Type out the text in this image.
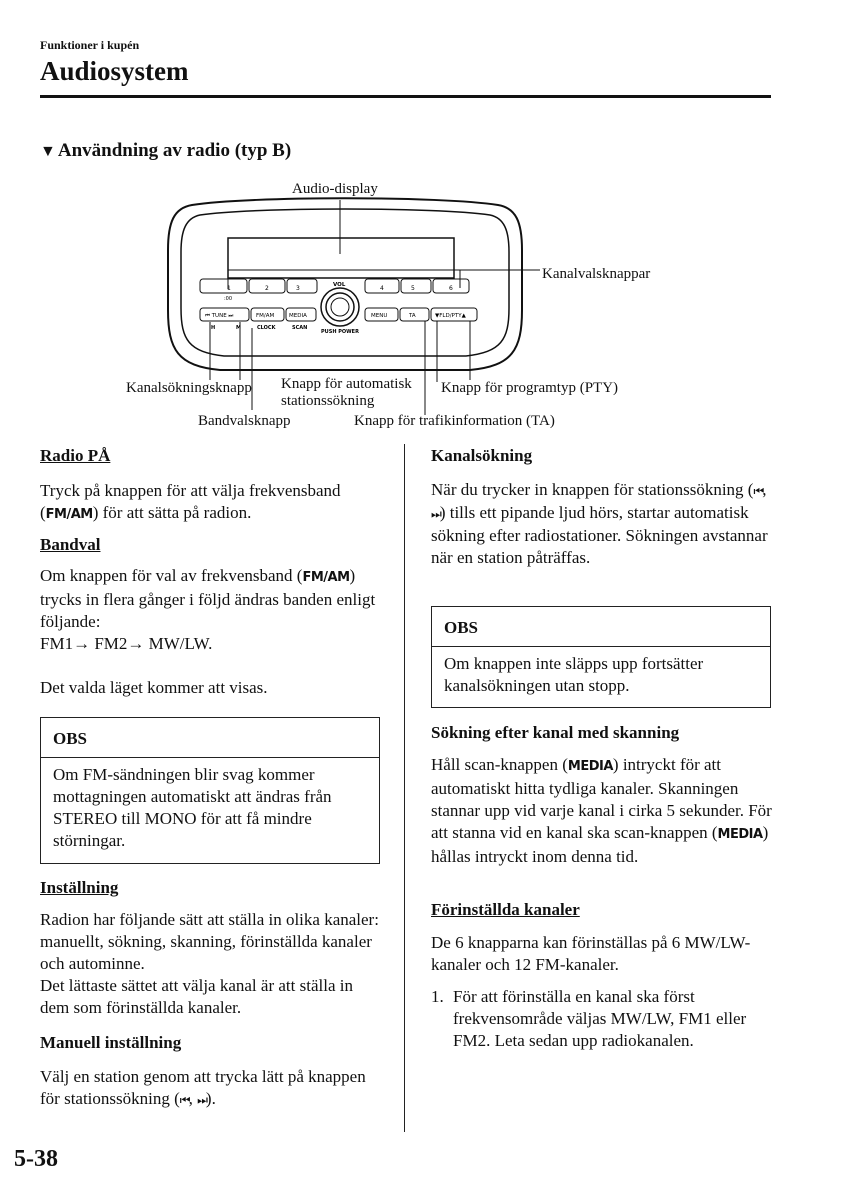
Funktioner i kupén
Audiosystem
▼ Användning av radio (typ B)
1	2	3
:00
4	5	6
⏮ TUNE ⏭
H	M
FM/AM
CLOCK
MEDIA
SCAN
VOL
PUSH POWER
MENU	TA	▼FLD/PTY▲
Audio-display
Kanalvalsknappar
Kanalsökningsknapp Knapp för automatisk
stationssökning
Knapp för programtyp (PTY)
Bandvalsknapp	Knapp för trafikinformation (TA)

Radio PÅ

Tryck på knappen för att välja frekvensband (FM/AM) för att sätta på radion.

Bandval

Om knappen för val av frekvensband (FM/AM) trycks in flera gånger i följd ändras banden enligt följande:

FM1→ FM2→ MW/LW.

Det valda läget kommer att visas.

OBS
Om FM-sändningen blir svag kommer mottagningen automatiskt att ändras från STEREO till MONO för att få mindre störningar.

Inställning

Radion har följande sätt att ställa in olika kanaler: manuellt, sökning, skanning, förinställda kanaler och autominne.

Det lättaste sättet att välja kanal är att ställa in dem som förinställda kanaler.

Manuell inställning

Välj en station genom att trycka lätt på knappen för stationssökning (⏮, ⏭).

Kanalsökning

När du trycker in knappen för stationssökning (⏮, ⏭) tills ett pipande ljud hörs, startar automatisk sökning efter radiostationer. Sökningen avstannar när en station påträffas.

OBS
Om knappen inte släpps upp fortsätter kanalsökningen utan stopp.

Sökning efter kanal med skanning

Håll scan-knappen (MEDIA) intryckt för att automatiskt hitta tydliga kanaler. Skanningen stannar upp vid varje kanal i cirka 5 sekunder. För att stanna vid en kanal ska scan-knappen (MEDIA) hållas intryckt inom denna tid.

Förinställda kanaler

De 6 knapparna kan förinställas på 6 MW/LW-kanaler och 12 FM-kanaler.

1. För att förinställa en kanal ska först frekvensområde väljas MW/LW, FM1 eller FM2. Leta sedan upp radiokanalen.
5-38
